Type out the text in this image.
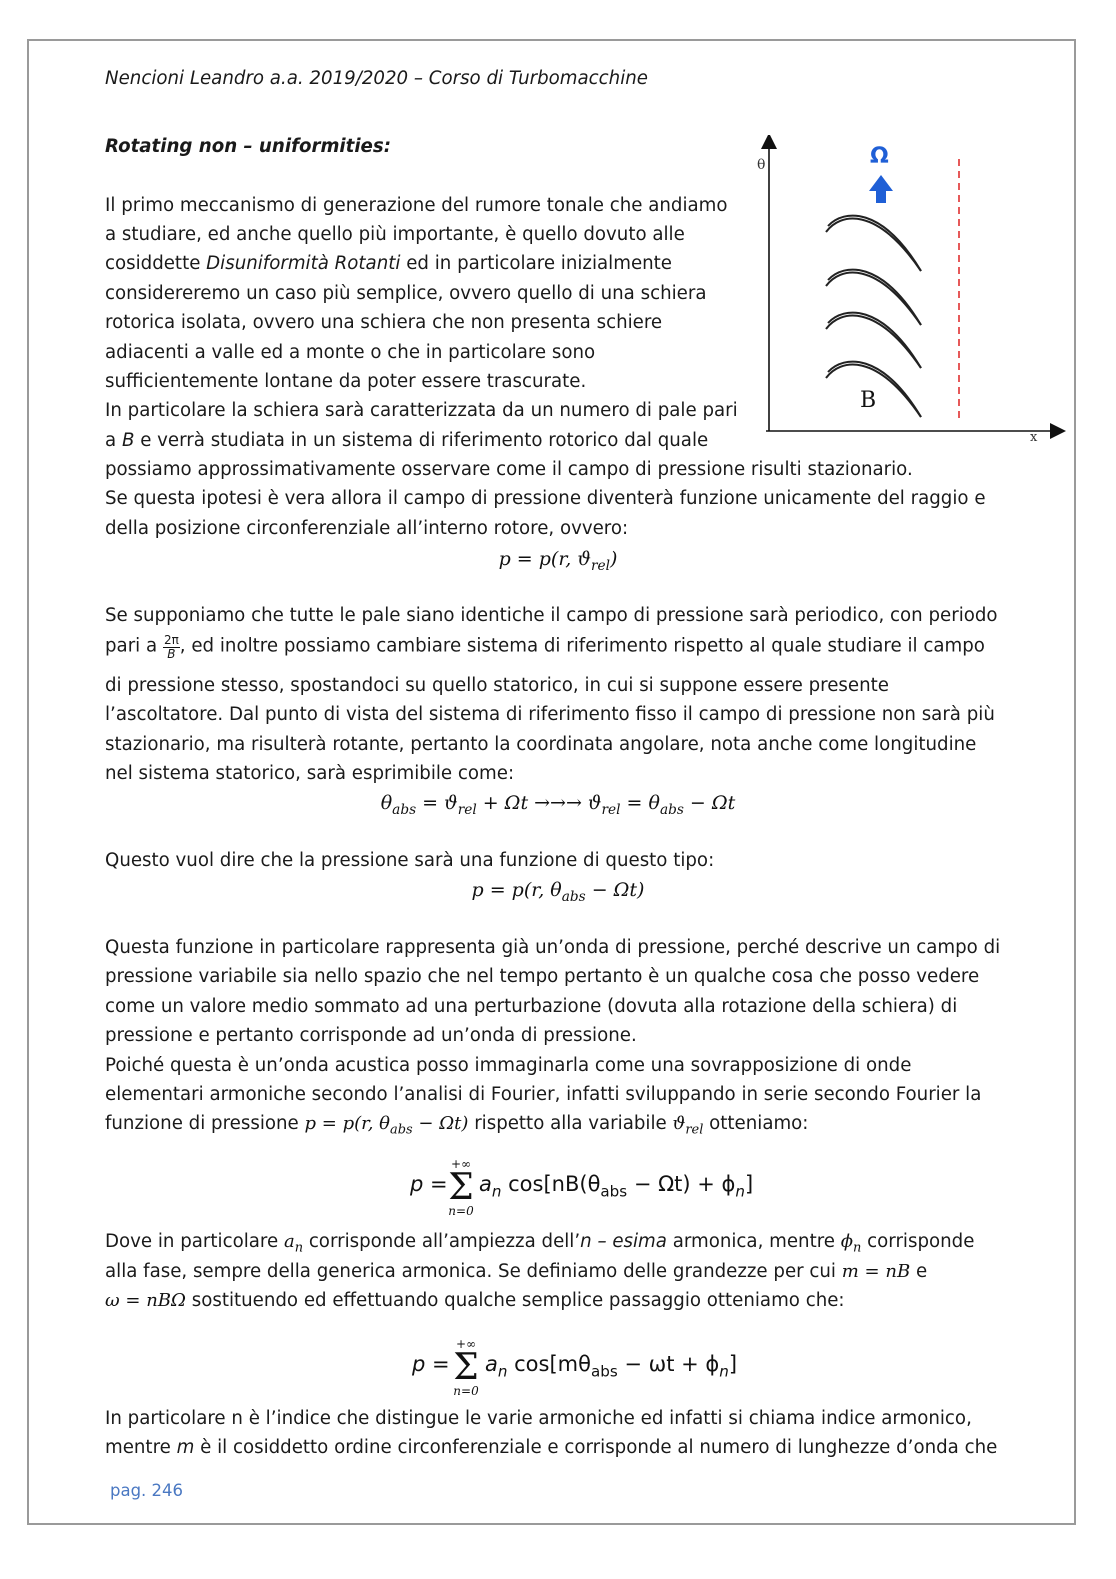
Nencioni Leandro a.a. 2019/2020 – Corso di Turbomacchine
Rotating non – uniformities:
θ
x
Ω
B
Il primo meccanismo di generazione del rumore tonale che andiamo
a studiare, ed anche quello più importante, è quello dovuto alle
cosiddette Disuniformità Rotanti ed in particolare inizialmente
considereremo un caso più semplice, ovvero quello di una schiera
rotorica isolata, ovvero una schiera che non presenta schiere
adiacenti a valle ed a monte o che in particolare sono
sufficientemente lontane da poter essere trascurate.
In particolare la schiera sarà caratterizzata da un numero di pale pari
a B e verrà studiata in un sistema di riferimento rotorico dal quale
possiamo approssimativamente osservare come il campo di pressione risulti stazionario.
Se questa ipotesi è vera allora il campo di pressione diventerà funzione unicamente del raggio e
della posizione circonferenziale all’interno rotore, ovvero:
p = p(r, $ϑ_{rel}$)
Se supponiamo che tutte le pale siano identiche il campo di pressione sarà periodico, con periodo
pari a $\frac{2\pi}{B}$ , ed inoltre possiamo cambiare sistema di riferimento rispetto al quale studiare il campo
di pressione stesso, spostandoci su quello statorico, in cui si suppone essere presente
l’ascoltatore. Dal punto di vista del sistema di riferimento fisso il campo di pressione non sarà più
stazionario, ma risulterà rotante, pertanto la coordinata angolare, nota anche come longitudine
nel sistema statorico, sarà esprimibile come:
$\theta_{abs} = ϑ_{rel} + \Omega t$ →→→ $ϑ_{rel} = \theta_{abs} - \Omega t$
Questo vuol dire che la pressione sarà una funzione di questo tipo:
p = p(r, $\theta_{abs} - \Omega t$)
Questa funzione in particolare rappresenta già un’onda di pressione, perché descrive un campo di
pressione variabile sia nello spazio che nel tempo pertanto è un qualche cosa che posso vedere
come un valore medio sommato ad una perturbazione (dovuta alla rotazione della schiera) di
pressione e pertanto corrisponde ad un’onda di pressione.
Poiché questa è un’onda acustica posso immaginarla come una sovrapposizione di onde
elementari armoniche secondo l’analisi di Fourier, infatti sviluppando in serie secondo Fourier la
funzione di pressione p = p(r, $\theta_{abs} - \Omega t$) rispetto alla variabile $ϑ_{rel}$ otteniamo:
p =
+∞
Σ
n=0
$a_n$ $\cos[nB(\theta_{abs} - \Omega t) + \phi_n]$
Dove in particolare $a_n$ corrisponde all’ampiezza dell’n – esima armonica, mentre $\phi_n$ corrisponde
alla fase, sempre della generica armonica. Se definiamo delle grandezze per cui m = nB e
ω = nBΩ sostituendo ed effettuando qualche semplice passaggio otteniamo che:
p =
+∞
Σ
n=0
$a_n$ $\cos[m\theta_{abs} - \omega t + \phi_n]$
In particolare n è l’indice che distingue le varie armoniche ed infatti si chiama indice armonico,
mentre m è il cosiddetto ordine circonferenziale e corrisponde al numero di lunghezze d’onda che
pag. 246
